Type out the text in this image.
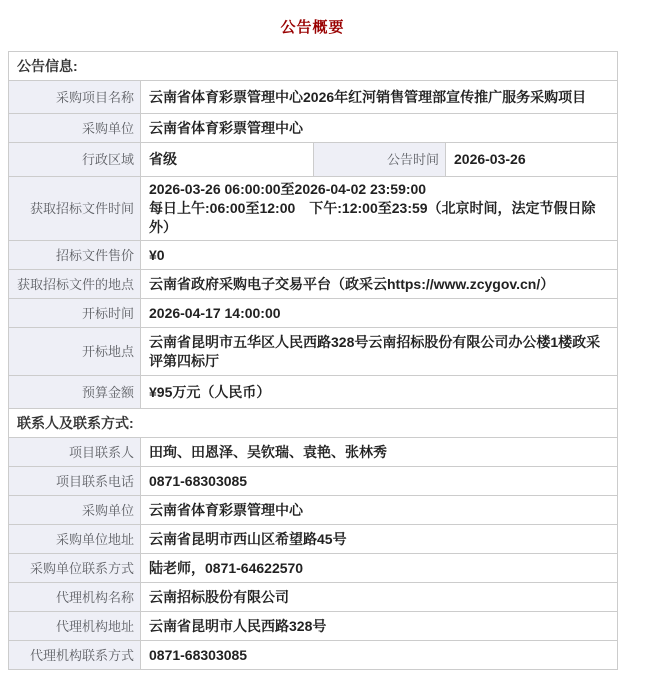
公告概要
公告信息:			
采购项目名称	云南省体育彩票管理中心2026年红河销售管理部宣传推广服务采购项目		
采购单位	云南省体育彩票管理中心		
行政区域	省级	公告时间	2026-03-26
获取招标文件时间	2026-03-26 06:00:00至2026-04-02 23:59:00
每日上午:06:00至12:00　下午:12:00至23:59（北京时间，法定节假日除外）		

招标文件售价	¥0		
获取招标文件的地点	云南省政府采购电子交易平台（政采云https://www.zcygov.cn/）		
开标时间	2026-04-17 14:00:00		
开标地点	云南省昆明市五华区人民西路328号云南招标股份有限公司办公楼1楼政采评第四标厅		
预算金额	¥95万元（人民币）		
联系人及联系方式:			
项目联系人	田珣、田恩泽、吴钦瑞、袁艳、张林秀		
项目联系电话	0871-68303085		
采购单位	云南省体育彩票管理中心		
采购单位地址	云南省昆明市西山区希望路45号		
采购单位联系方式	陆老师，0871-64622570		
代理机构名称	云南招标股份有限公司		
代理机构地址	云南省昆明市人民西路328号		
代理机构联系方式	0871-68303085		
